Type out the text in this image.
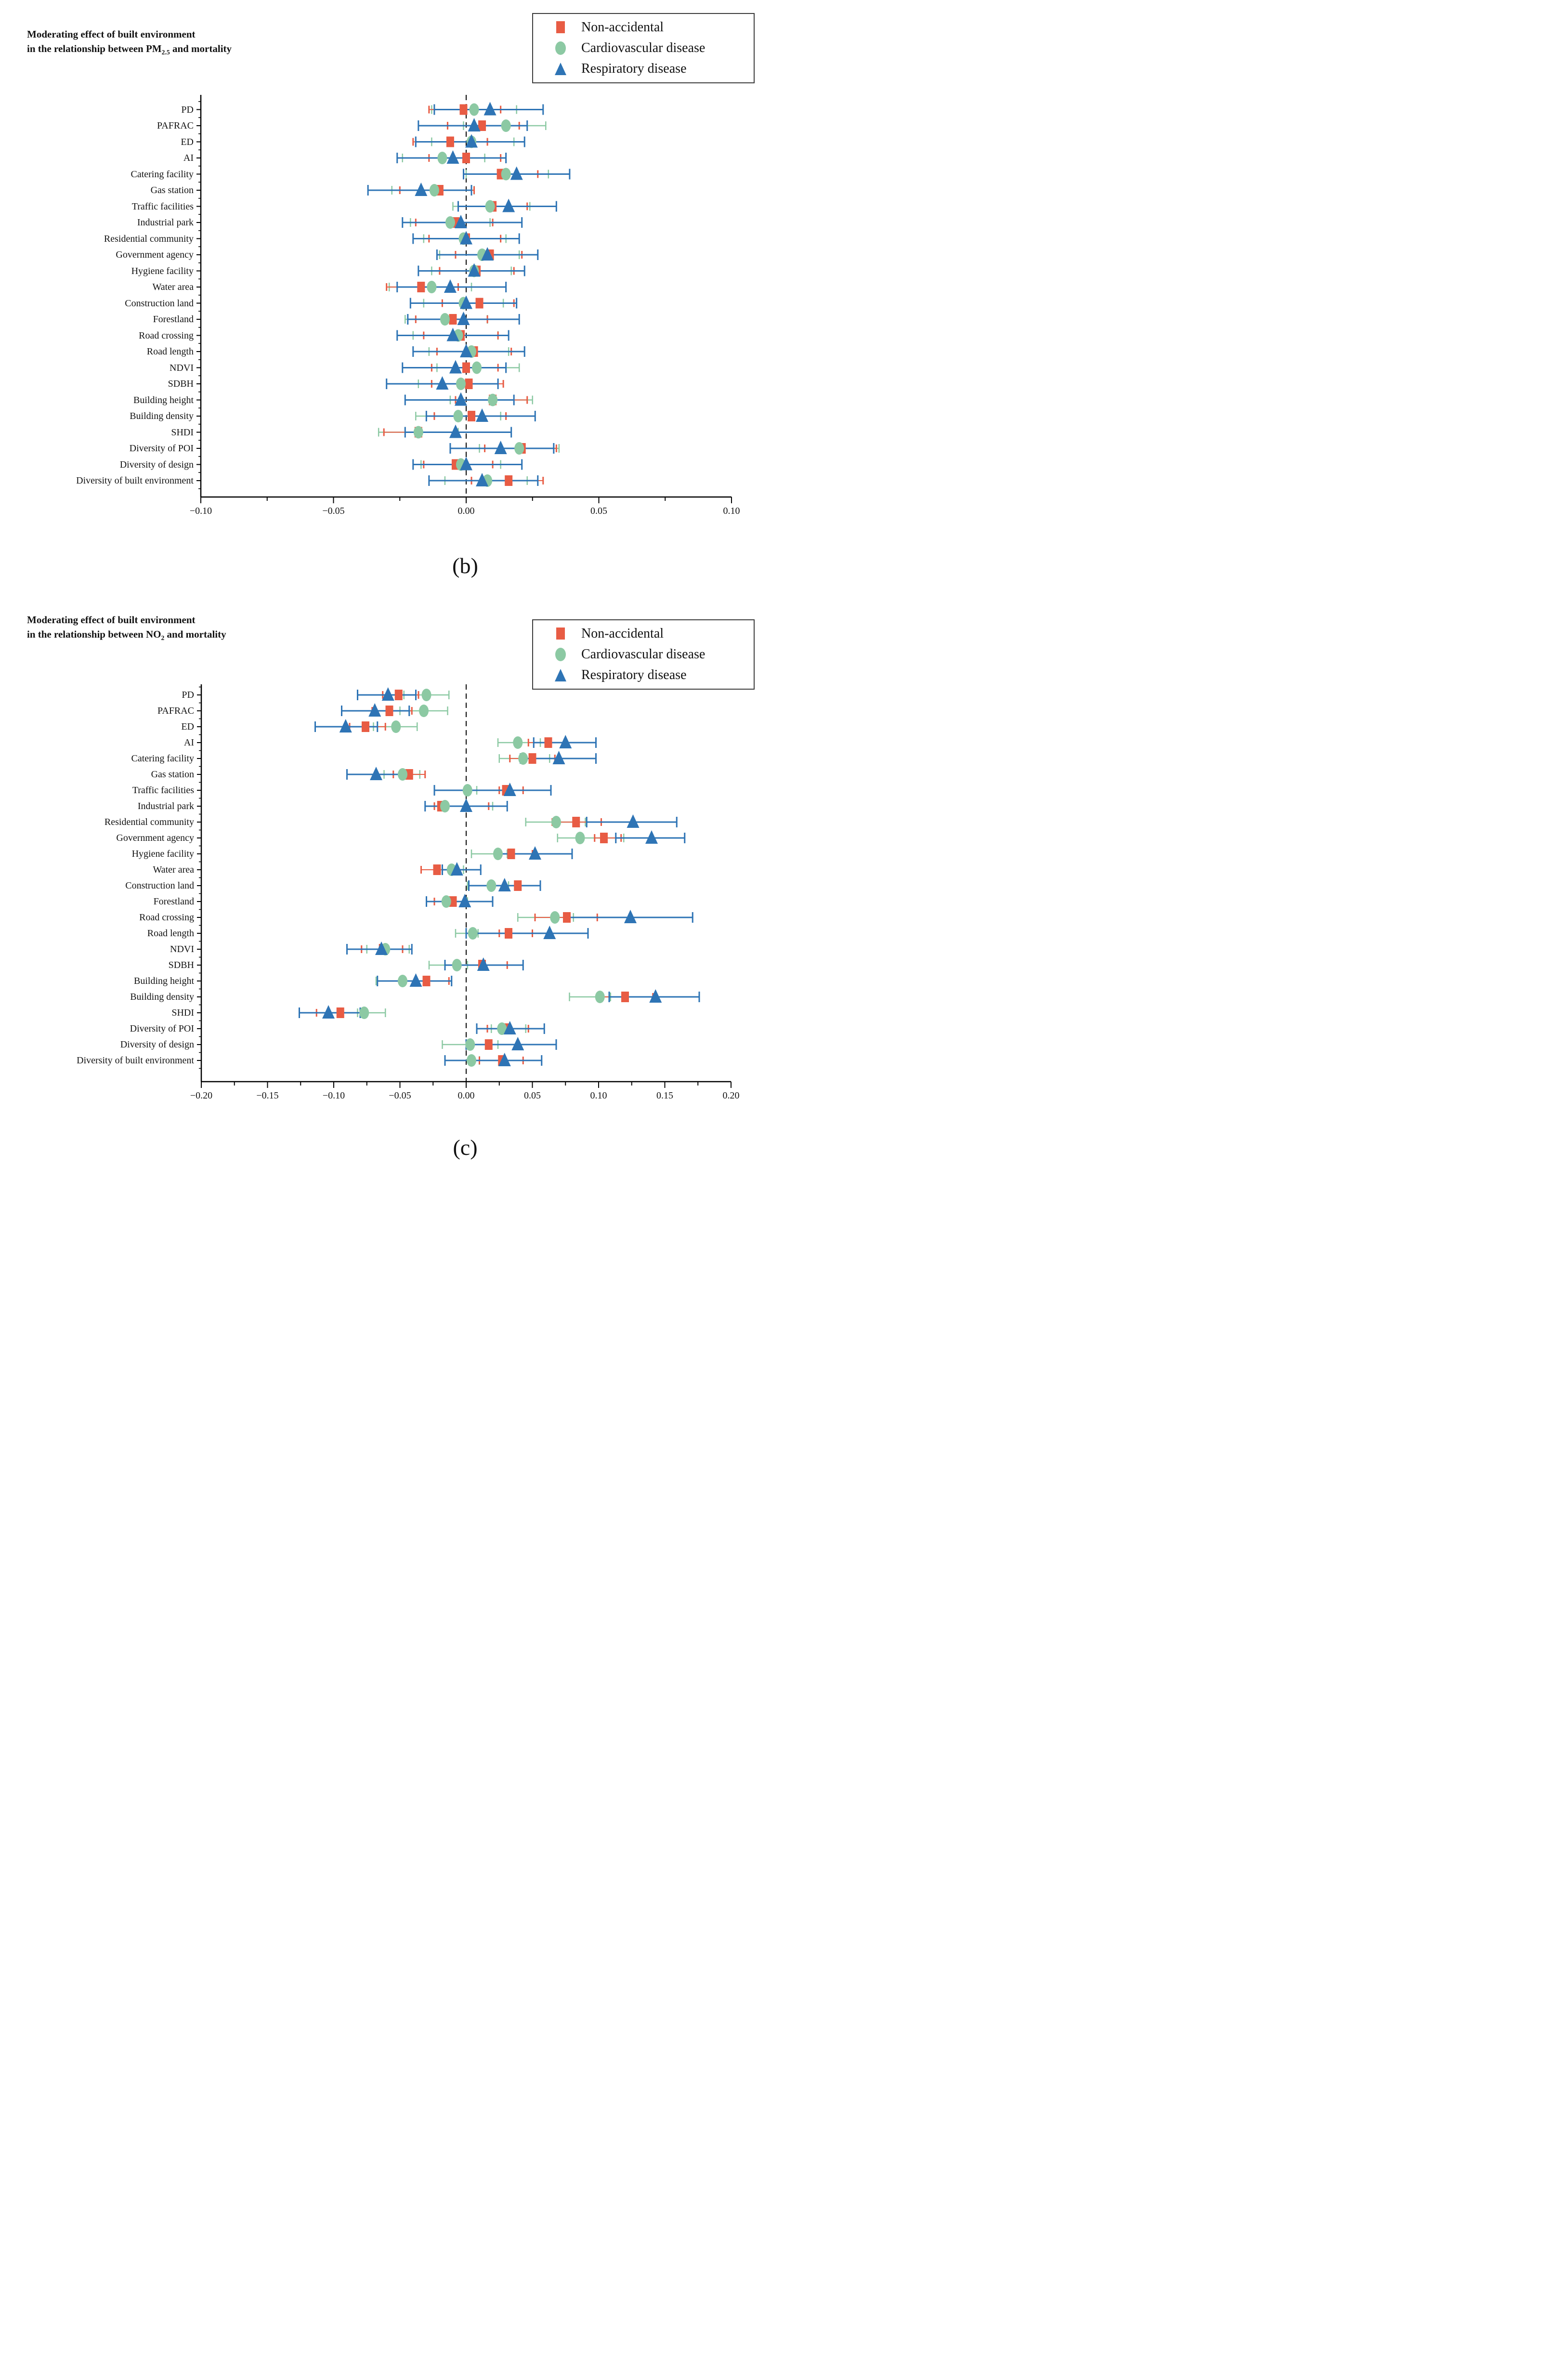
Moderating effect of built environment
in the relationship between $PM_{2.5}$ and mortality
Moderating effect of built environment
in the relationship between $NO_2$ and mortality
Non-accidental
Cardiovascular disease
Respiratory disease
Non-accidental
Cardiovascular disease
Respiratory disease
−0.10	−0.05	0.00	0.05	0.10
PD
PAFRAC
ED
AI
Catering facility
Gas station
Traffic facilities
Industrial park
Residential community
Government agency
Hygiene facility
Water area
Construction land
Forestland
Road crossing
Road length
NDVI
SDBH
Building height
Building density
SHDI
Diversity of POI
Diversity of design
Diversity of built environment
−0.20	−0.15	−0.10	−0.05	0.00	0.05	0.10	0.15	0.20
PD
PAFRAC
ED
AI
Catering facility
Gas station
Traffic facilities
Industrial park
Residential community
Government agency
Hygiene facility
Water area
Construction land
Forestland
Road crossing
Road length
NDVI
SDBH
Building height
Building density
SHDI
Diversity of POI
Diversity of design
Diversity of built environment
(b)
(c)
